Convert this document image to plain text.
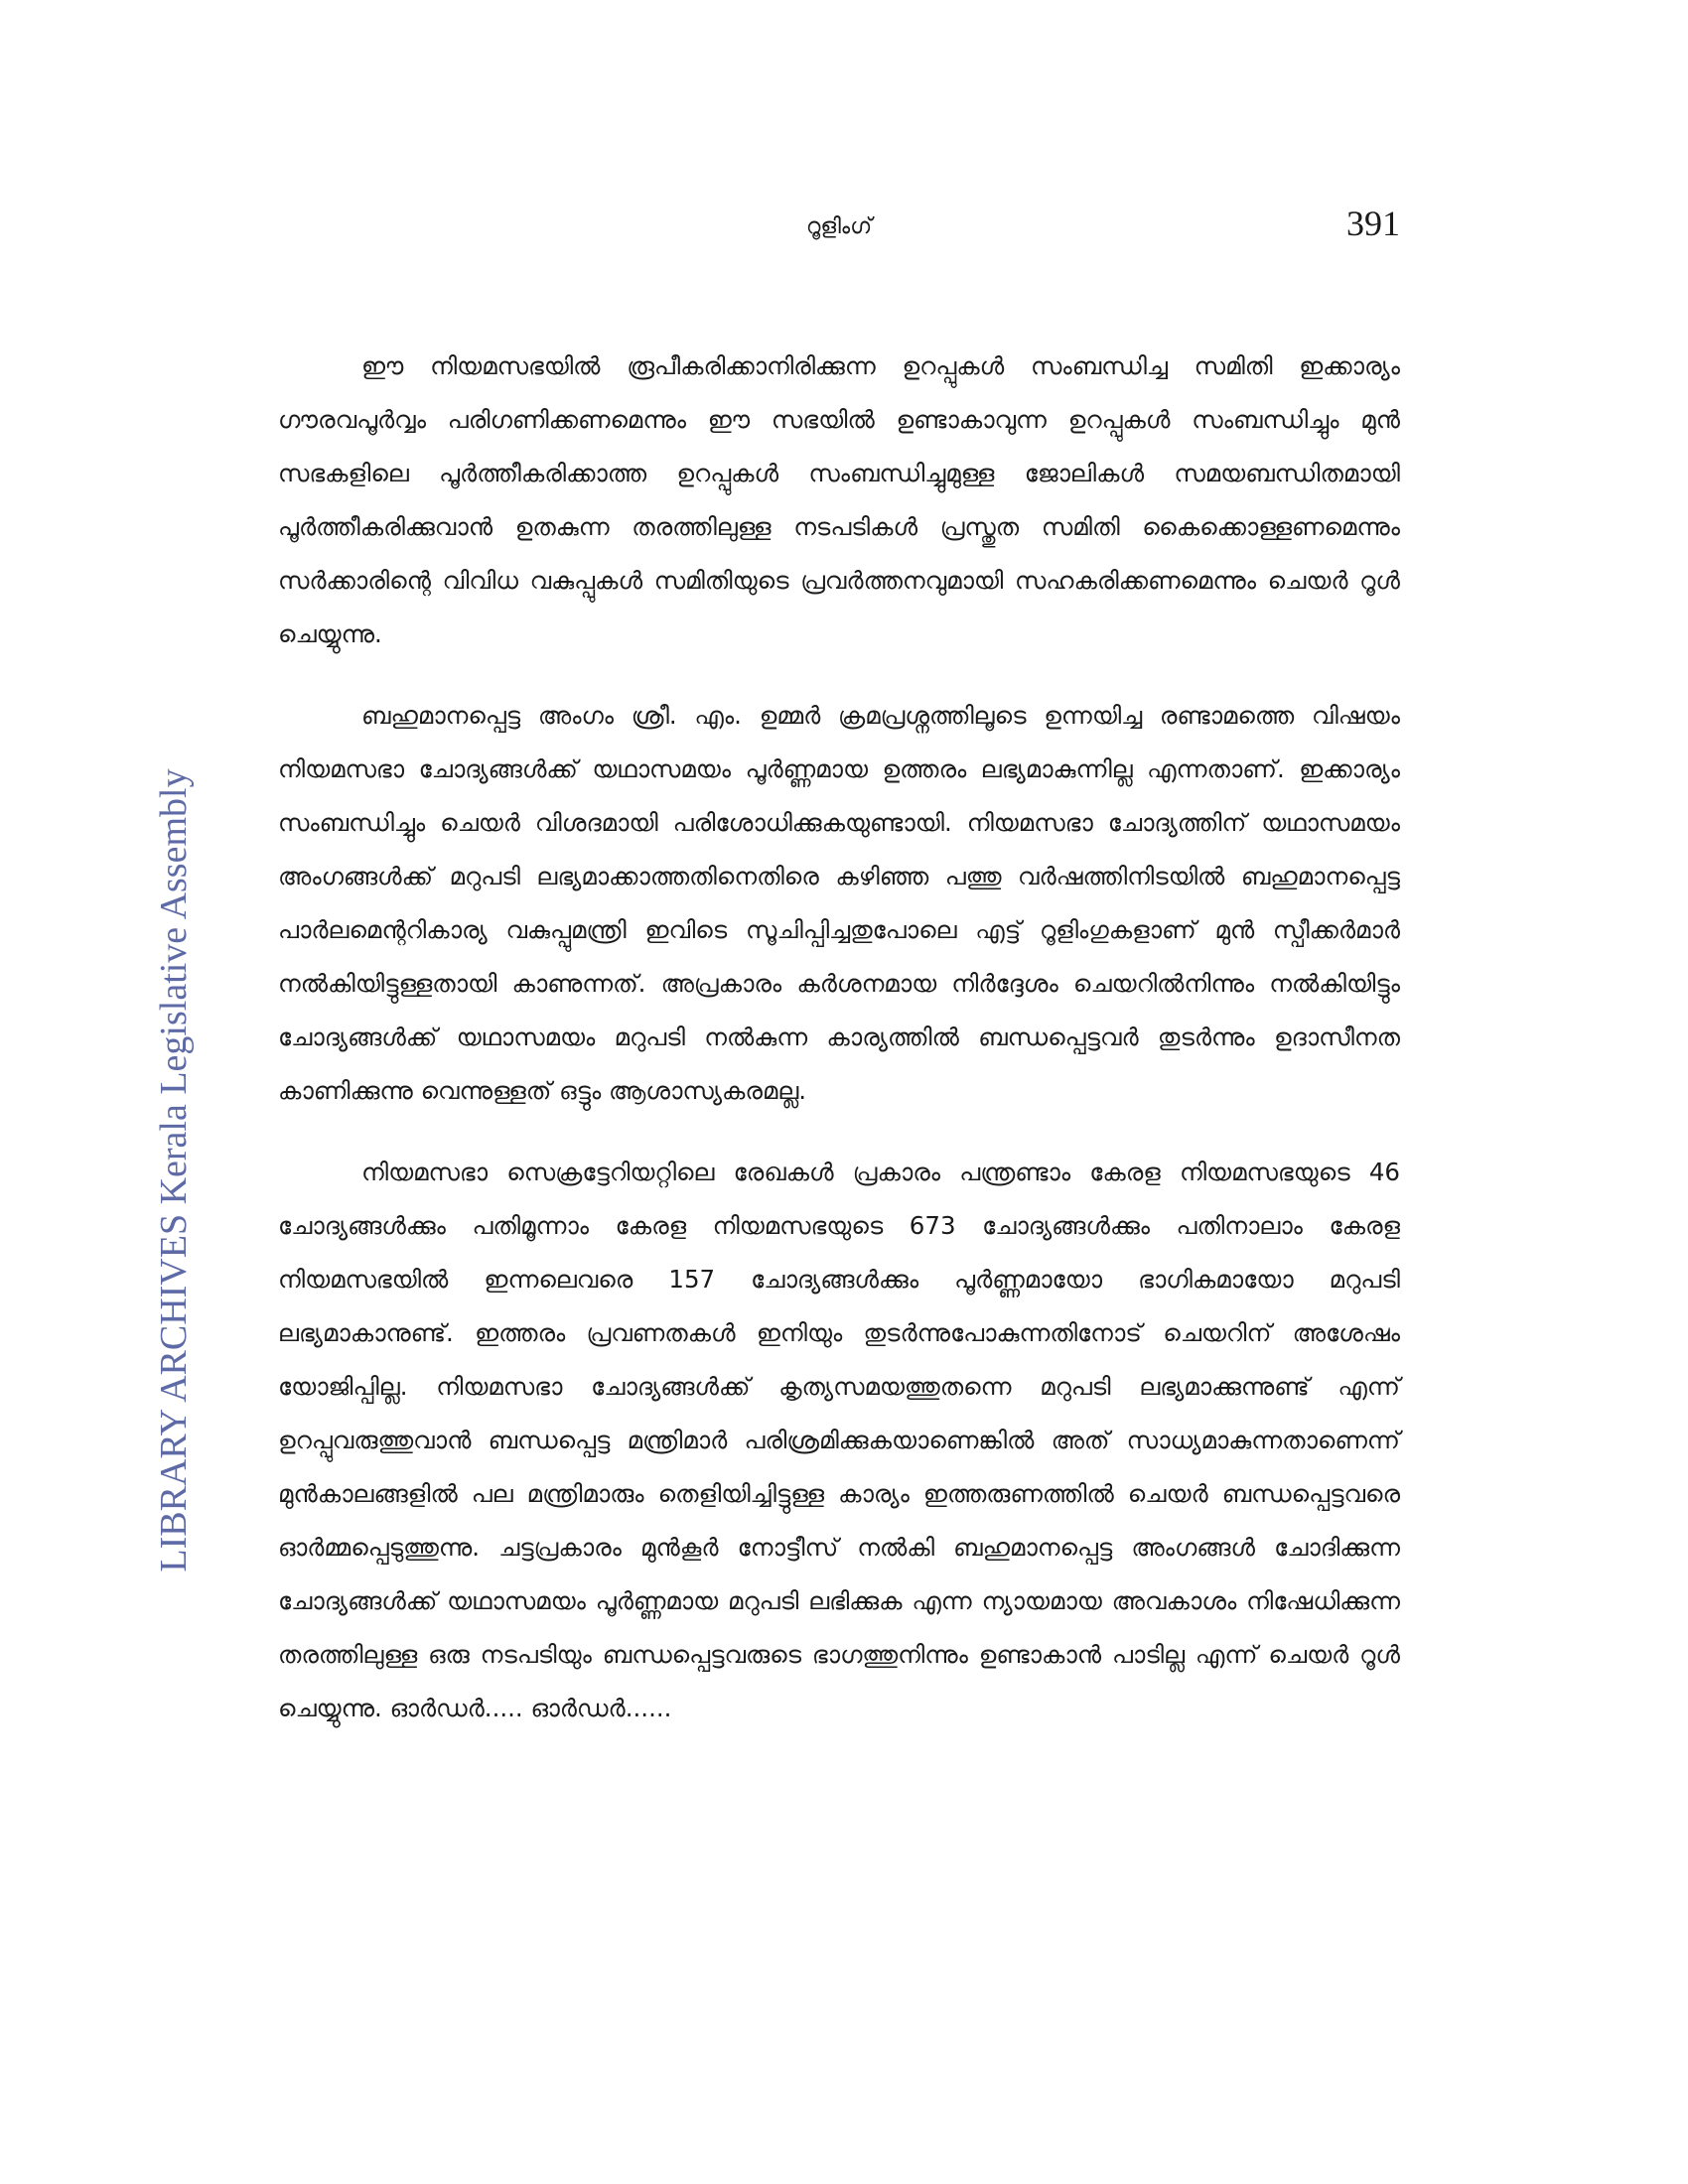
റൂളിംഗ്	391
LIBRARY ARCHIVES Kerala Legislative Assembly

ഈ നിയമസഭയിൽ രൂപീകരിക്കാനിരിക്കുന്ന ഉറപ്പുകൾ സംബന്ധിച്ച സമിതി ഇക്കാര്യം ഗൗരവപൂർവ്വം പരിഗണിക്കണമെന്നും ഈ സഭയിൽ ഉണ്ടാകാവുന്ന ഉറപ്പുകൾ സംബന്ധിച്ചും മുൻ സഭകളിലെ പൂർത്തീകരിക്കാത്ത ഉറപ്പുകൾ സംബന്ധിച്ചുമുള്ള ജോലികൾ സമയബന്ധിതമായി പൂർത്തീകരിക്കുവാൻ ഉതകുന്ന തരത്തിലുള്ള നടപടികൾ പ്രസ്തുത സമിതി കൈക്കൊള്ളണമെന്നും സർക്കാരിന്റെ വിവിധ വകുപ്പുകൾ സമിതിയുടെ പ്രവർത്തനവുമായി സഹകരിക്കണമെന്നും ചെയർ റൂൾ ചെയ്യുന്നു.

ബഹുമാനപ്പെട്ട അംഗം ശ്രീ. എം. ഉമ്മർ ക്രമപ്രശ്നത്തിലൂടെ ഉന്നയിച്ച രണ്ടാമത്തെ വിഷയം നിയമസഭാ ചോദ്യങ്ങൾക്ക് യഥാസമയം പൂർണ്ണമായ ഉത്തരം ലഭ്യമാകുന്നില്ല എന്നതാണ്. ഇക്കാര്യം സംബന്ധിച്ചും ചെയർ വിശദമായി പരിശോധിക്കുകയുണ്ടായി. നിയമസഭാ ചോദ്യത്തിന് യഥാസമയം അംഗങ്ങൾക്ക് മറുപടി ലഭ്യമാക്കാത്തതിനെതിരെ കഴിഞ്ഞ പത്തു വർഷത്തിനിടയിൽ ബഹുമാനപ്പെട്ട പാർലമെന്ററികാര്യ വകുപ്പുമന്ത്രി ഇവിടെ സൂചിപ്പിച്ചതുപോലെ എട്ട് റൂളിംഗുകളാണ് മുൻ സ്പീക്കർമാർ നൽകിയിട്ടുള്ളതായി കാണുന്നത്. അപ്രകാരം കർശനമായ നിർദ്ദേശം ചെയറിൽനിന്നും നൽകിയിട്ടും ചോദ്യങ്ങൾക്ക് യഥാസമയം മറുപടി നൽകുന്ന കാര്യത്തിൽ ബന്ധപ്പെട്ടവർ തുടർന്നും ഉദാസീനത കാണിക്കുന്നു വെന്നുള്ളത് ഒട്ടും ആശാസ്യകരമല്ല.

നിയമസഭാ സെക്രട്ടേറിയറ്റിലെ രേഖകൾ പ്രകാരം പന്ത്രണ്ടാം കേരള നിയമസഭയുടെ 46 ചോദ്യങ്ങൾക്കും പതിമൂന്നാം കേരള നിയമസഭയുടെ 673 ചോദ്യങ്ങൾക്കും പതിനാലാം കേരള നിയമസഭയിൽ ഇന്നലെവരെ 157 ചോദ്യങ്ങൾക്കും പൂർണ്ണമായോ ഭാഗികമായോ മറുപടി ലഭ്യമാകാനുണ്ട്. ഇത്തരം പ്രവണതകൾ ഇനിയും തുടർന്നുപോകുന്നതിനോട് ചെയറിന് അശേഷം യോജിപ്പില്ല. നിയമസഭാ ചോദ്യങ്ങൾക്ക് കൃത്യസമയത്തുതന്നെ മറുപടി ലഭ്യമാക്കുന്നുണ്ട് എന്ന് ഉറപ്പുവരുത്തുവാൻ ബന്ധപ്പെട്ട മന്ത്രിമാർ പരിശ്രമിക്കുകയാണെങ്കിൽ അത് സാധ്യമാകുന്നതാണെന്ന് മുൻകാലങ്ങളിൽ പല മന്ത്രിമാരും തെളിയിച്ചിട്ടുള്ള കാര്യം ഇത്തരുണത്തിൽ ചെയർ ബന്ധപ്പെട്ടവരെ ഓർമ്മപ്പെടുത്തുന്നു. ചട്ടപ്രകാരം മുൻകൂർ നോട്ടീസ് നൽകി ബഹുമാനപ്പെട്ട അംഗങ്ങൾ ചോദിക്കുന്ന ചോദ്യങ്ങൾക്ക് യഥാസമയം പൂർണ്ണമായ മറുപടി ലഭിക്കുക എന്ന ന്യായമായ അവകാശം നിഷേധിക്കുന്ന തരത്തിലുള്ള ഒരു നടപടിയും ബന്ധപ്പെട്ടവരുടെ ഭാഗത്തുനിന്നും ഉണ്ടാകാൻ പാടില്ല എന്ന് ചെയർ റൂൾ ചെയ്യുന്നു. ഓർഡർ..... ഓർഡർ......
